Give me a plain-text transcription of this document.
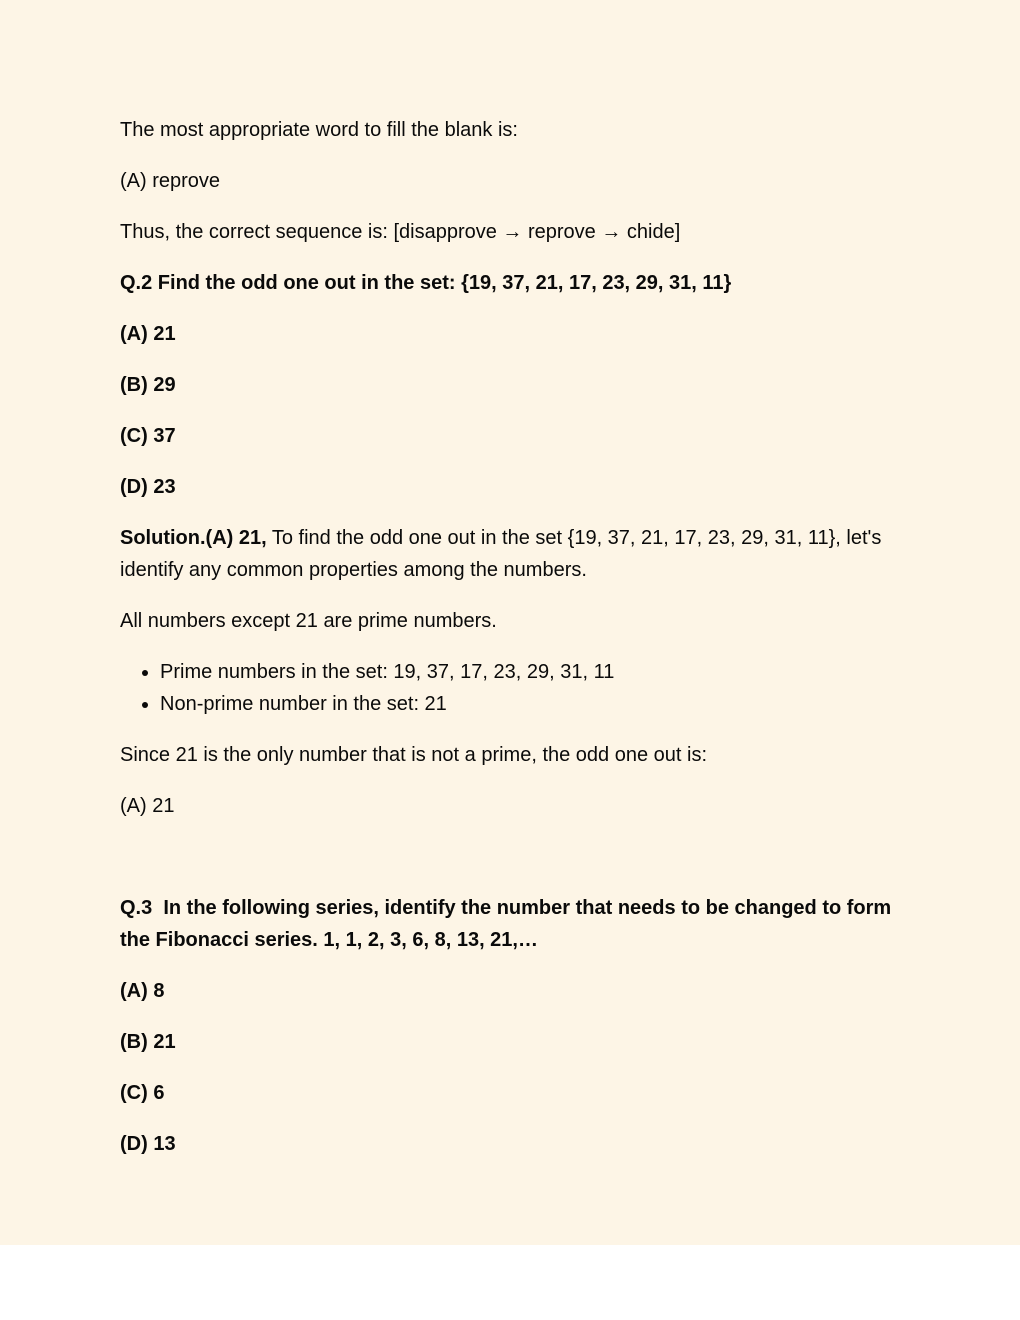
The most appropriate word to fill the blank is:

(A) reprove

Thus, the correct sequence is: [disapprove → reprove → chide]

Q.2 Find the odd one out in the set: {19, 37, 21, 17, 23, 29, 31, 11}

(A) 21

(B) 29

(C) 37

(D) 23

Solution.(A) 21, To find the odd one out in the set {19, 37, 21, 17, 23, 29, 31, 11}, let's identify any common properties among the numbers.

All numbers except 21 are prime numbers.

• Prime numbers in the set: 19, 37, 17, 23, 29, 31, 11
• Non-prime number in the set: 21

Since 21 is the only number that is not a prime, the odd one out is:

(A) 21

Q.3  In the following series, identify the number that needs to be changed to form the Fibonacci series. 1, 1, 2, 3, 6, 8, 13, 21,…

(A) 8

(B) 21

(C) 6

(D) 13
